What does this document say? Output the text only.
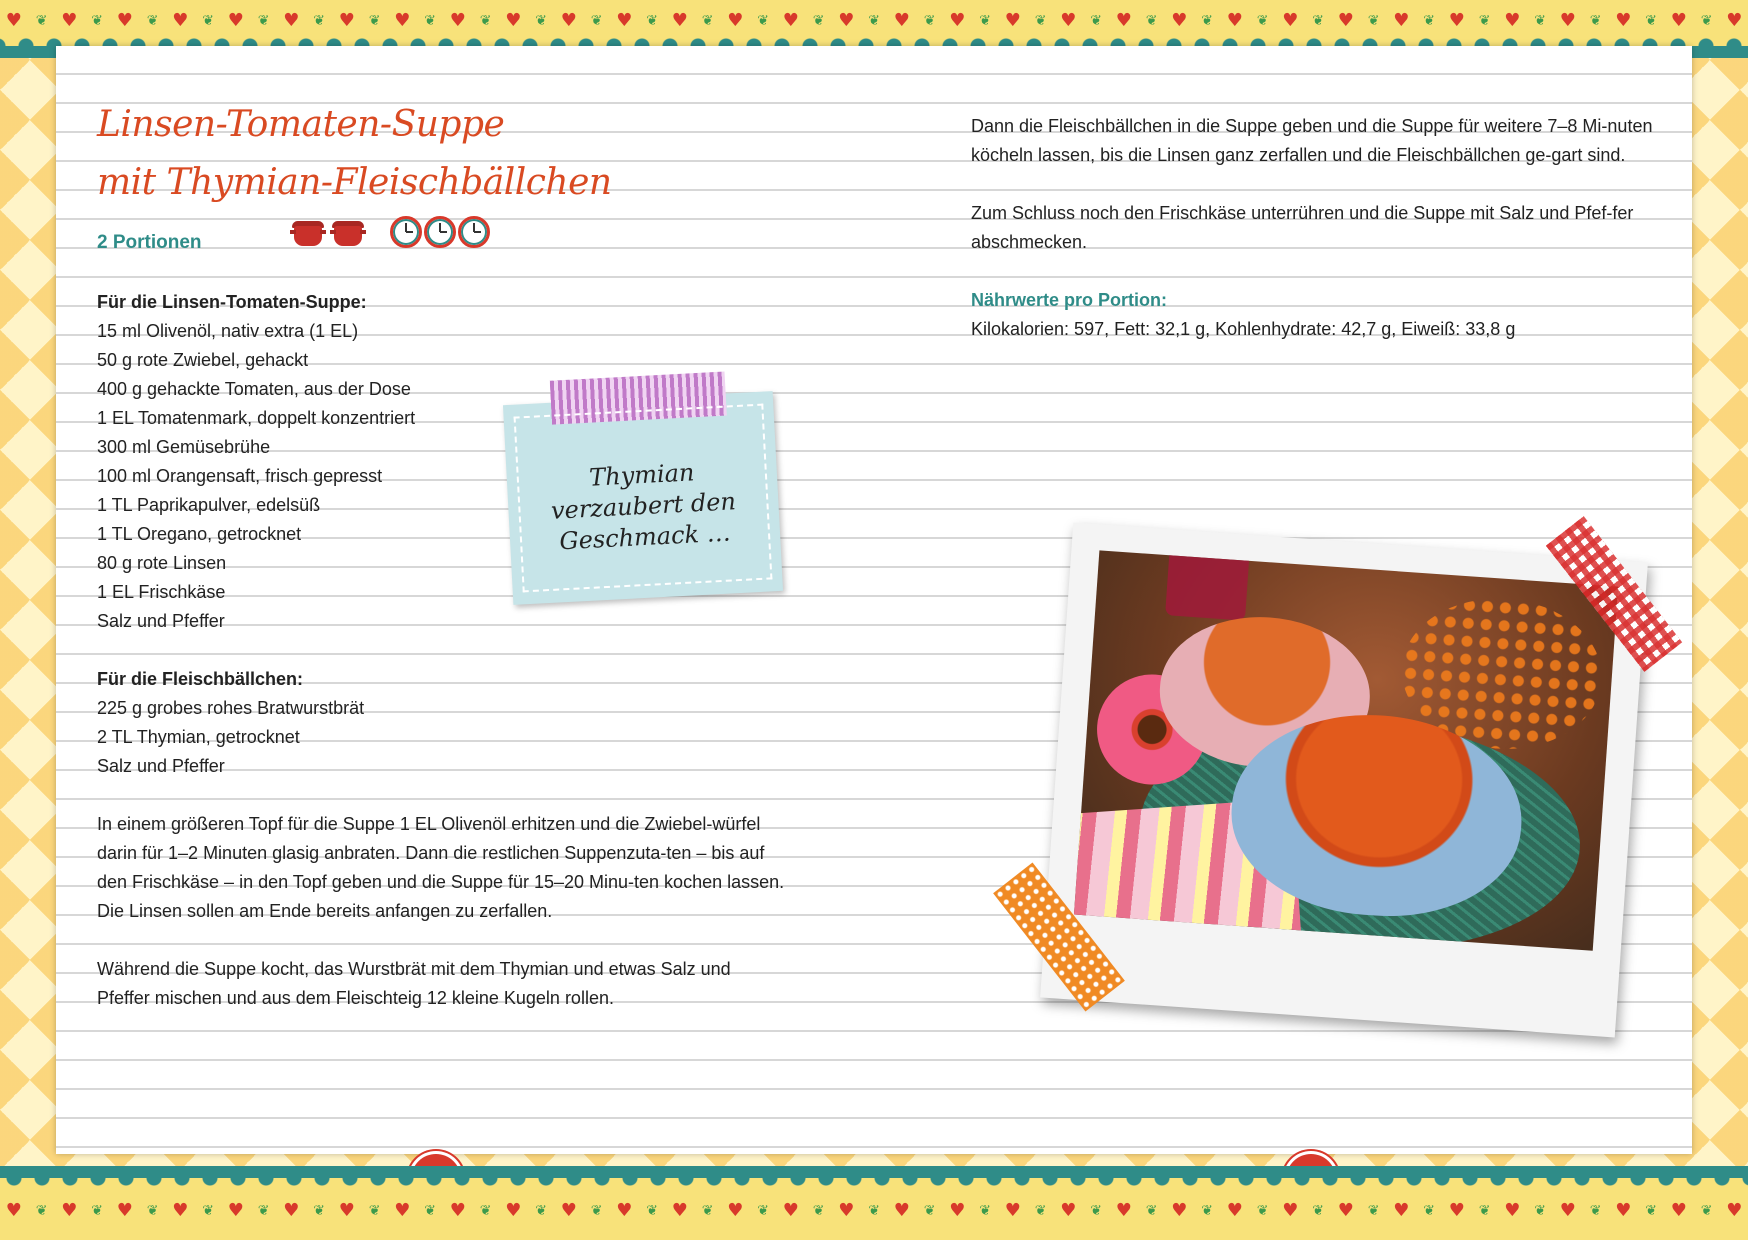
♥ ❦ ♥ ❦ ♥ ❦ ♥ ❦ ♥ ❦ ♥ ❦ ♥ ❦ ♥ ❦ ♥ ❦ ♥ ❦ ♥ ❦ ♥ ❦ ♥ ❦ ♥ ❦ ♥ ❦ ♥ ❦ ♥ ❦ ♥ ❦ ♥ ❦ ♥ ❦ ♥ ❦ ♥ ❦ ♥ ❦ ♥ ❦ ♥ ❦ ♥ ❦ ♥ ❦ ♥ ❦ ♥ ❦ ♥ ❦ ♥ ❦ ♥
Linsen-Tomaten-Suppe
mit Thymian-Fleischbällchen
2 Portionen
Für die Linsen-Tomaten-Suppe:
15 ml Olivenöl, nativ extra (1 EL)
50 g rote Zwiebel, gehackt
400 g gehackte Tomaten, aus der Dose
1 EL Tomatenmark, doppelt konzentriert
300 ml Gemüsebrühe
100 ml Orangensaft, frisch gepresst
1 TL Paprikapulver, edelsüß
1 TL Oregano, getrocknet
80 g rote Linsen
1 EL Frischkäse
Salz und Pfeffer
Für die Fleischbällchen:
225 g grobes rohes Bratwurstbrät
2 TL Thymian, getrocknet
Salz und Pfeffer
Thymian
verzaubert den
Geschmack …

In einem größeren Topf für die Suppe 1 EL Olivenöl erhitzen und die Zwiebel-würfel darin für 1–2 Minuten glasig anbraten. Dann die restlichen Suppenzuta-ten – bis auf den Frischkäse – in den Topf geben und die Suppe für 15–20 Minu-ten kochen lassen. Die Linsen sollen am Ende bereits anfangen zu zerfallen.

Während die Suppe kocht, das Wurstbrät mit dem Thymian und etwas Salz und Pfeffer mischen und aus dem Fleischteig 12 kleine Kugeln rollen.

Dann die Fleischbällchen in die Suppe geben und die Suppe für weitere 7–8 Mi-nuten köcheln lassen, bis die Linsen ganz zerfallen und die Fleischbällchen ge-gart sind.

Zum Schluss noch den Frischkäse unterrühren und die Suppe mit Salz und Pfef-fer abschmecken.

Nährwerte pro Portion:
Kilokalorien: 597, Fett: 32,1 g, Kohlenhydrate: 42,7 g, Eiweiß: 33,8 g
♥ ❦ ♥ ❦ ♥ ❦ ♥ ❦ ♥ ❦ ♥ ❦ ♥ ❦ ♥ ❦ ♥ ❦ ♥ ❦ ♥ ❦ ♥ ❦ ♥ ❦ ♥ ❦ ♥ ❦ ♥ ❦ ♥ ❦ ♥ ❦ ♥ ❦ ♥ ❦ ♥ ❦ ♥ ❦ ♥ ❦ ♥ ❦ ♥ ❦ ♥ ❦ ♥ ❦ ♥ ❦ ♥ ❦ ♥ ❦ ♥ ❦ ♥
